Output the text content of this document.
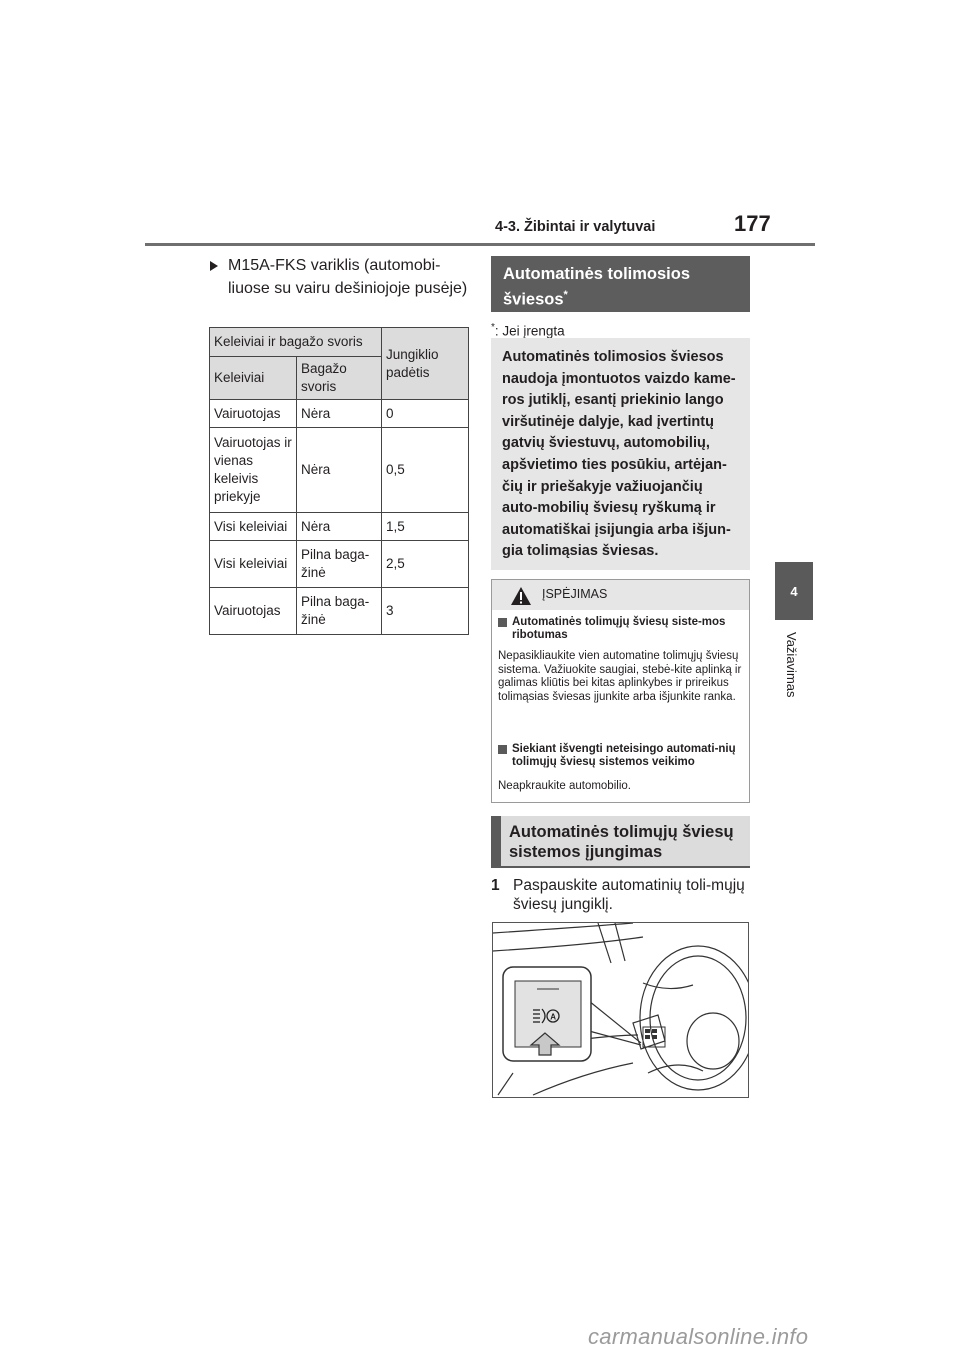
4-3. Žibintai ir valytuvai	177
4
Važiavimas
M15A-FKS variklis (automobi-liuose su vairu dešiniojoje pusėje)
Keleiviai ir bagažo svoris		Jungiklio padėtis
Keleiviai	Bagažo svoris	
Vairuotojas	Nėra	0
Vairuotojas ir vienas keleivis priekyje	Nėra	0,5
Visi keleiviai	Nėra	1,5
Visi keleiviai	Pilna baga-žinė	2,5
Vairuotojas	Pilna baga-žinė	3
Automatinės tolimosios šviesos*
*: Jei įrengta
Automatinės tolimosios šviesos naudoja įmontuotos vaizdo kame-ros jutiklį, esantį priekinio lango viršutinėje dalyje, kad įvertintų gatvių šviestuvų, automobilių, apšvietimo ties posūkiu, artėjan-čių ir priešakyje važiuojančių auto-mobilių šviesų ryškumą ir automatiškai įsijungia arba išjun-gia tolimąsias šviesas.
ĮSPĖJIMAS
Automatinės tolimųjų šviesų siste-mos ribotumas
Nepasikliaukite vien automatine tolimųjų šviesų sistema. Važiuokite saugiai, stebė-kite aplinką ir galimas kliūtis bei kitas aplinkybes ir prireikus tolimąsias šviesas įjunkite arba išjunkite ranka.
Siekiant išvengti neteisingo automati-nių tolimųjų šviesų sistemos veikimo
Neapkraukite automobilio.
Automatinės tolimųjų šviesų sistemos įjungimas
1 Paspauskite automatinių toli-mųjų šviesų jungiklį.
A
carmanualsonline.info
